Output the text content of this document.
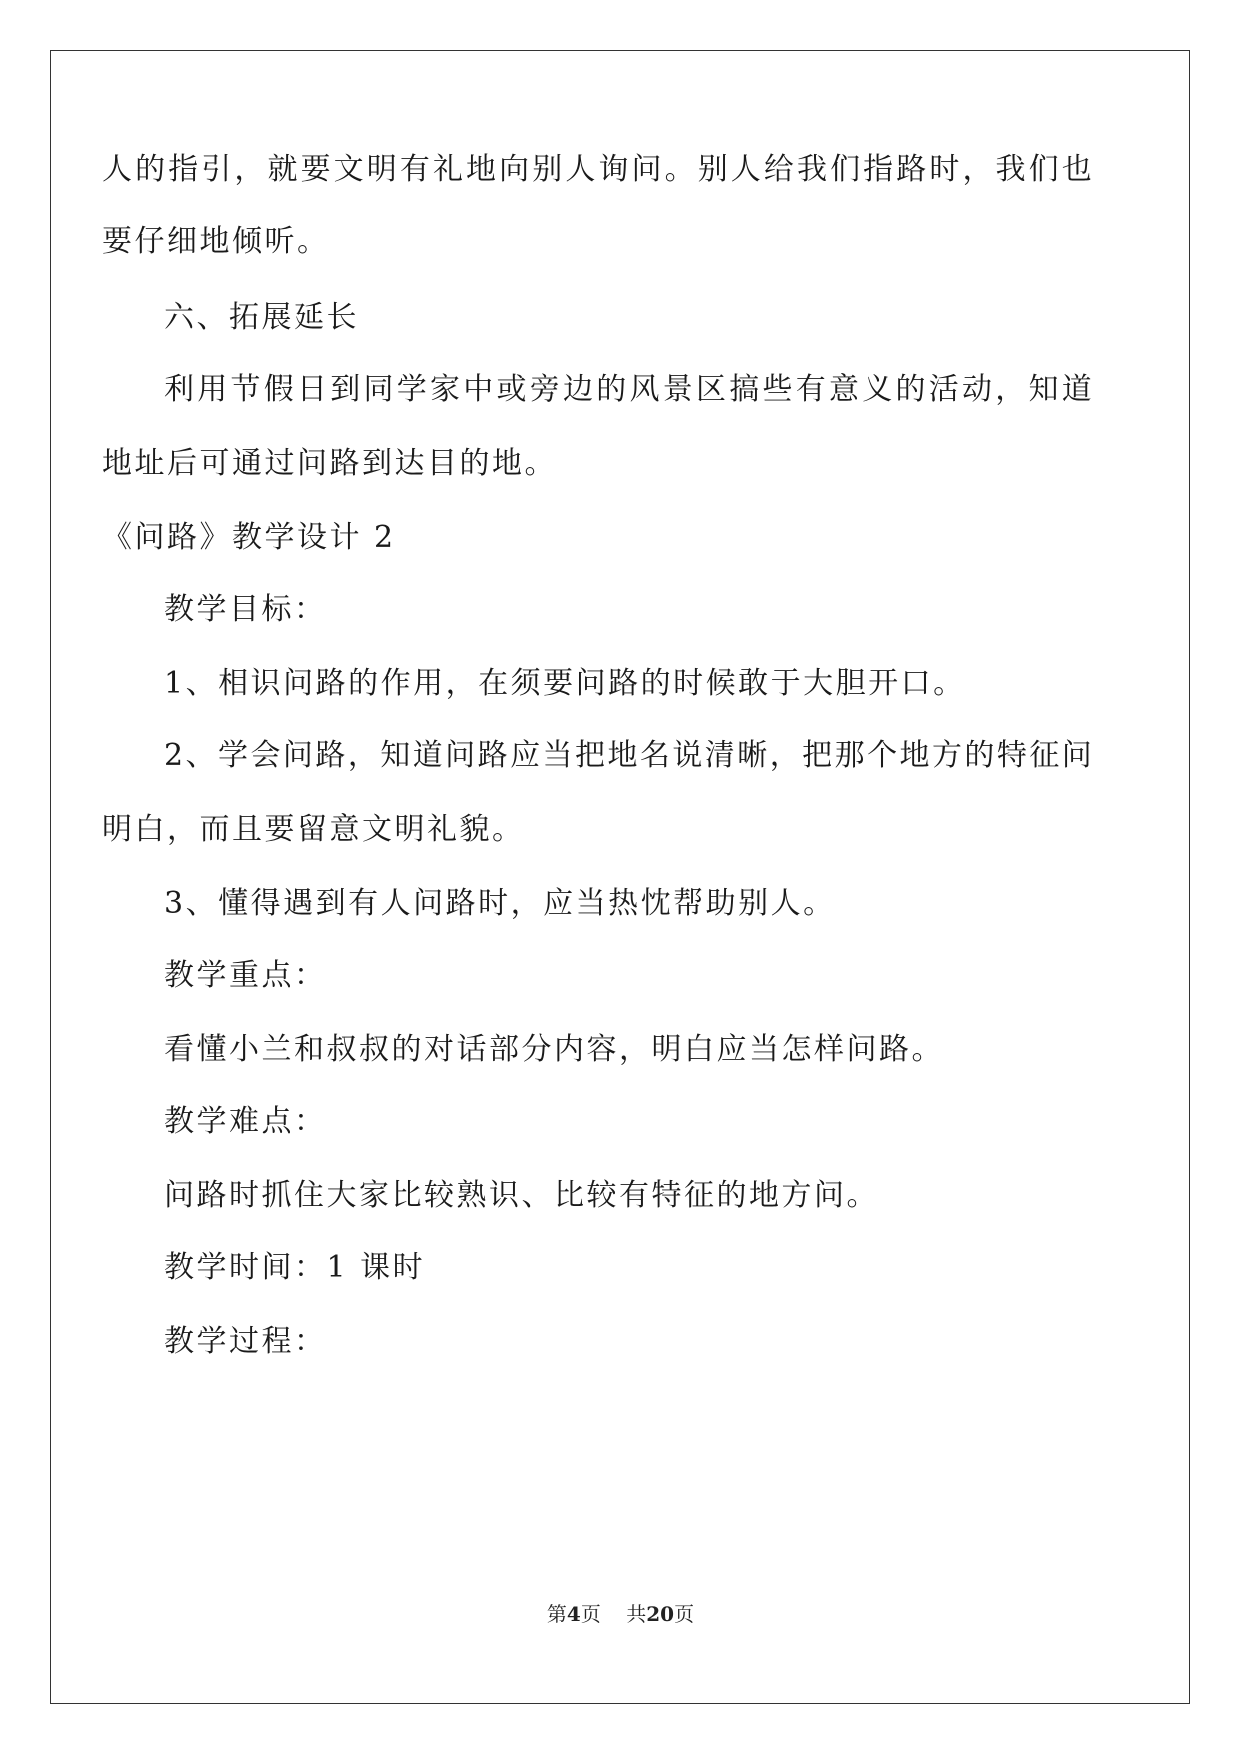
人 的 指 引 ， 就 要 文 明 有 礼 地 向 别 人 询 问 。 别 人 给 我 们 指 路 时 ， 我 们 也
要仔细地倾听。
六、拓展延长
利 用 节 假 日 到 同 学 家 中 或 旁 边 的 风 景 区 搞 些 有 意 义 的 活 动 ， 知 道
地址后可通过问路到达目的地。
《问路》教学设计 2
教学目标：
1、相识问路的作用，在须要问路的时候敢于大胆开口。
2 、 学 会 问 路 ， 知 道 问 路 应 当 把 地 名 说 清 晰 ， 把 那 个 地 方 的 特 征 问
明白，而且要留意文明礼貌。
3、懂得遇到有人问路时，应当热忱帮助别人。
教学重点：
看懂小兰和叔叔的对话部分内容，明白应当怎样问路。
教学难点：
问路时抓住大家比较熟识、比较有特征的地方问。
教学时间：1 课时
教学过程：
第4页    共20页
